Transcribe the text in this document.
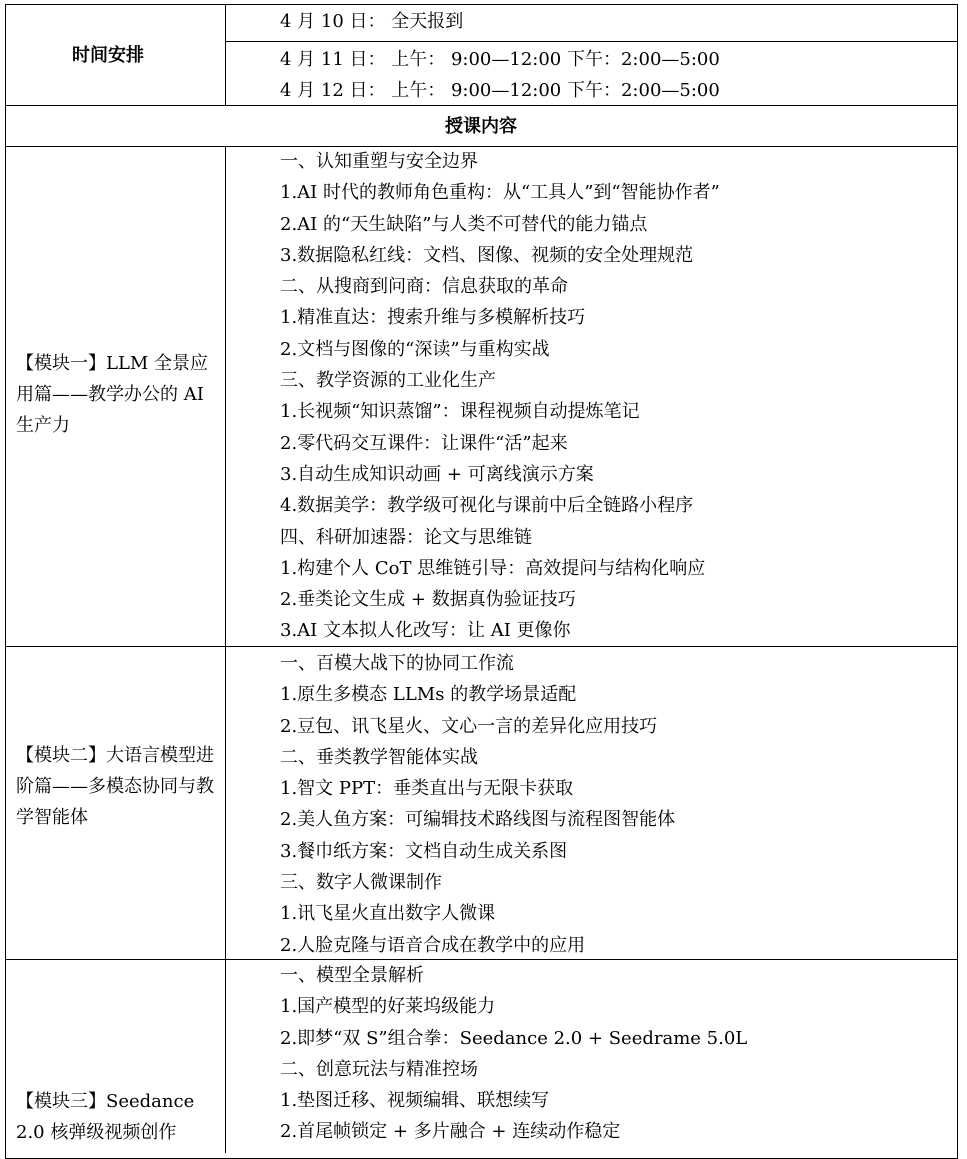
时间安排
4 月 10 日： 全天报到
4 月 11 日： 上午： 9:00—12:00 下午：2:00—5:00
4 月 12 日： 上午： 9:00—12:00 下午：2:00—5:00
授课内容
【模块一】LLM 全景应用篇——教学办公的 AI 生产力
一、认知重塑与安全边界
1.AI 时代的教师角色重构：从“工具人”到“智能协作者”
2.AI 的“天生缺陷”与人类不可替代的能力锚点
3.数据隐私红线：文档、图像、视频的安全处理规范
二、从搜商到问商：信息获取的革命
1.精准直达：搜索升维与多模解析技巧
2.文档与图像的“深读”与重构实战
三、教学资源的工业化生产
1.长视频“知识蒸馏”：课程视频自动提炼笔记
2.零代码交互课件：让课件“活”起来
3.自动生成知识动画 + 可离线演示方案
4.数据美学：教学级可视化与课前中后全链路小程序
四、科研加速器：论文与思维链
1.构建个人 CoT 思维链引导：高效提问与结构化响应
2.垂类论文生成 + 数据真伪验证技巧
3.AI 文本拟人化改写：让 AI 更像你
【模块二】大语言模型进阶篇——多模态协同与教学智能体
一、百模大战下的协同工作流
1.原生多模态 LLMs 的教学场景适配
2.豆包、讯飞星火、文心一言的差异化应用技巧
二、垂类教学智能体实战
1.智文 PPT：垂类直出与无限卡获取
2.美人鱼方案：可编辑技术路线图与流程图智能体
3.餐巾纸方案：文档自动生成关系图
三、数字人微课制作
1.讯飞星火直出数字人微课
2.人脸克隆与语音合成在教学中的应用
【模块三】Seedance 2.0 核弹级视频创作
一、模型全景解析
1.国产模型的好莱坞级能力
2.即梦“双 S”组合拳：Seedance 2.0 + Seedrame 5.0L
二、创意玩法与精准控场
1.垫图迁移、视频编辑、联想续写
2.首尾帧锁定 + 多片融合 + 连续动作稳定
